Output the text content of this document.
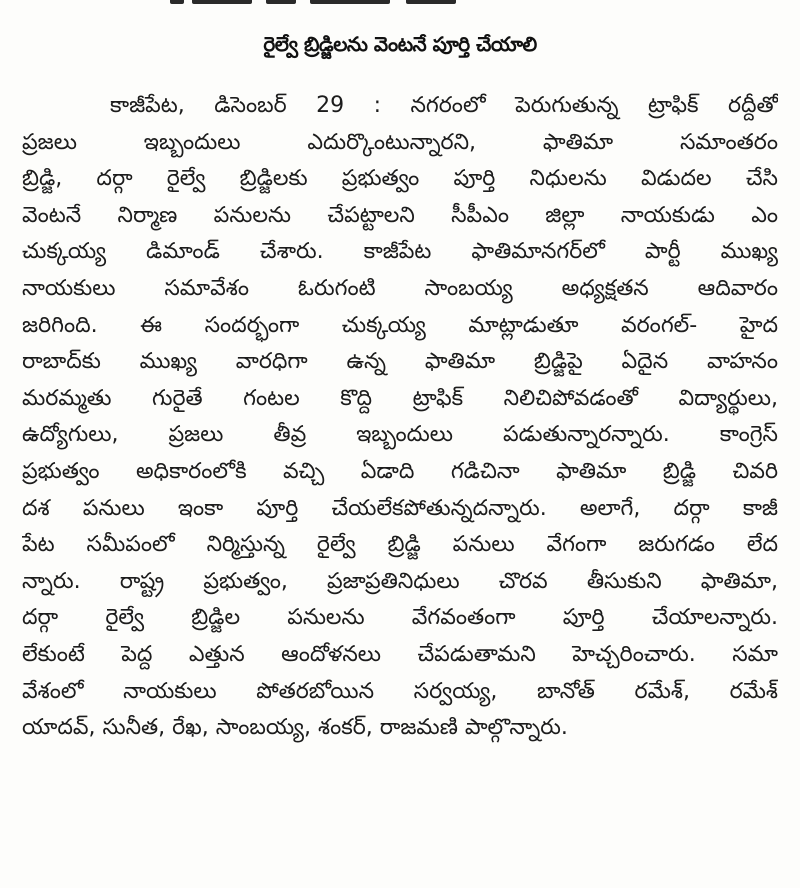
రైల్వే బ్రిడ్జిలను వెంటనే పూర్తి చేయాలి
కాజీపేట, డిసెంబర్ 29 : నగరంలో పెరుగుతున్న ట్రాఫిక్ రద్దీతో
ప్రజలు ఇబ్బందులు ఎదుర్కొంటున్నారని, ఫాతిమా సమాంతరం
బ్రిడ్జి, దర్గా రైల్వే బ్రిడ్జిలకు ప్రభుత్వం పూర్తి నిధులను విడుదల చేసి
వెంటనే నిర్మాణ పనులను చేపట్టాలని సీపీఎం జిల్లా నాయకుడు ఎం
చుక్కయ్య డిమాండ్ చేశారు. కాజీపేట ఫాతిమానగర్‌లో పార్టీ ముఖ్య
నాయకులు సమావేశం ఓరుగంటి సాంబయ్య అధ్యక్షతన ఆదివారం
జరిగింది. ఈ సందర్భంగా చుక్కయ్య మాట్లాడుతూ వరంగల్- హైద
రాబాద్‌కు ముఖ్య వారధిగా ఉన్న ఫాతిమా బ్రిడ్జిపై ఏదైన వాహనం
మరమ్మతు గురైతే గంటల కొద్ది ట్రాఫిక్ నిలిచిపోవడంతో విద్యార్థులు,
ఉద్యోగులు, ప్రజలు తీవ్ర ఇబ్బందులు పడుతున్నారన్నారు. కాంగ్రెస్
ప్రభుత్వం అధికారంలోకి వచ్చి ఏడాది గడిచినా ఫాతిమా బ్రిడ్జి చివరి
దశ పనులు ఇంకా పూర్తి చేయలేకపోతున్నదన్నారు. అలాగే, దర్గా కాజీ
పేట సమీపంలో నిర్మిస్తున్న రైల్వే బ్రిడ్జి పనులు వేగంగా జరుగడం లేద
న్నారు. రాష్ట్ర ప్రభుత్వం, ప్రజాప్రతినిధులు చొరవ తీసుకుని ఫాతిమా,
దర్గా రైల్వే బ్రిడ్జిల పనులను వేగవంతంగా పూర్తి చేయాలన్నారు.
లేకుంటే పెద్ద ఎత్తున ఆందోళనలు చేపడుతామని హెచ్చరించారు. సమా
వేశంలో నాయకులు పోతరబోయిన సర్వయ్య, బానోత్ రమేశ్, రమేశ్
యాదవ్, సునీత, రేఖ, సాంబయ్య, శంకర్, రాజమణి పాల్గొన్నారు.
